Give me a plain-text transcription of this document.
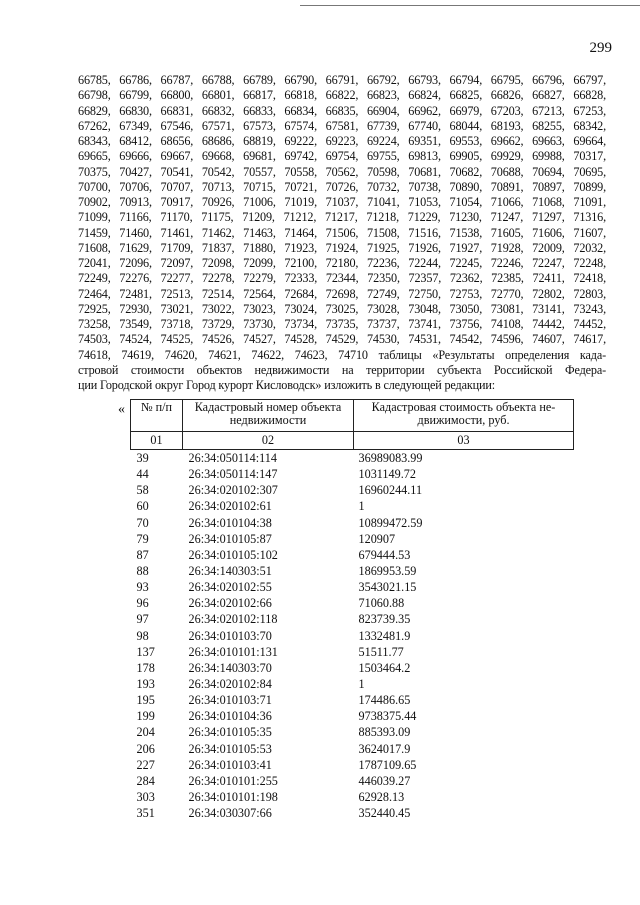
299
66785, 66786, 66787, 66788, 66789, 66790, 66791, 66792, 66793, 66794, 66795, 66796, 66797,
66798, 66799, 66800, 66801, 66817, 66818, 66822, 66823, 66824, 66825, 66826, 66827, 66828,
66829, 66830, 66831, 66832, 66833, 66834, 66835, 66904, 66962, 66979, 67203, 67213, 67253,
67262, 67349, 67546, 67571, 67573, 67574, 67581, 67739, 67740, 68044, 68193, 68255, 68342,
68343, 68412, 68656, 68686, 68819, 69222, 69223, 69224, 69351, 69553, 69662, 69663, 69664,
69665, 69666, 69667, 69668, 69681, 69742, 69754, 69755, 69813, 69905, 69929, 69988, 70317,
70375, 70427, 70541, 70542, 70557, 70558, 70562, 70598, 70681, 70682, 70688, 70694, 70695,
70700, 70706, 70707, 70713, 70715, 70721, 70726, 70732, 70738, 70890, 70891, 70897, 70899,
70902, 70913, 70917, 70926, 71006, 71019, 71037, 71041, 71053, 71054, 71066, 71068, 71091,
71099, 71166, 71170, 71175, 71209, 71212, 71217, 71218, 71229, 71230, 71247, 71297, 71316,
71459, 71460, 71461, 71462, 71463, 71464, 71506, 71508, 71516, 71538, 71605, 71606, 71607,
71608, 71629, 71709, 71837, 71880, 71923, 71924, 71925, 71926, 71927, 71928, 72009, 72032,
72041, 72096, 72097, 72098, 72099, 72100, 72180, 72236, 72244, 72245, 72246, 72247, 72248,
72249, 72276, 72277, 72278, 72279, 72333, 72344, 72350, 72357, 72362, 72385, 72411, 72418,
72464, 72481, 72513, 72514, 72564, 72684, 72698, 72749, 72750, 72753, 72770, 72802, 72803,
72925, 72930, 73021, 73022, 73023, 73024, 73025, 73028, 73048, 73050, 73081, 73141, 73243,
73258, 73549, 73718, 73729, 73730, 73734, 73735, 73737, 73741, 73756, 74108, 74442, 74452,
74503, 74524, 74525, 74526, 74527, 74528, 74529, 74530, 74531, 74542, 74596, 74607, 74617,
74618, 74619, 74620, 74621, 74622, 74623, 74710 таблицы «Результаты определения када-
стровой стоимости объектов недвижимости на территории субъекта Российской Федера-
ции Городской округ Город курорт Кисловодск» изложить в следующей редакции:
« № п/п	Кадастровый номер объекта недвижимости	Кадастровая стоимость объекта не- движимости, руб.
01	02	03
39	26:34:050114:114	36989083.99
44	26:34:050114:147	1031149.72
58	26:34:020102:307	16960244.11
60	26:34:020102:61	1
70	26:34:010104:38	10899472.59
79	26:34:010105:87	120907
87	26:34:010105:102	679444.53
88	26:34:140303:51	1869953.59
93	26:34:020102:55	3543021.15
96	26:34:020102:66	71060.88
97	26:34:020102:118	823739.35
98	26:34:010103:70	1332481.9
137	26:34:010101:131	51511.77
178	26:34:140303:70	1503464.2
193	26:34:020102:84	1
195	26:34:010103:71	174486.65
199	26:34:010104:36	9738375.44
204	26:34:010105:35	885393.09
206	26:34:010105:53	3624017.9
227	26:34:010103:41	1787109.65
284	26:34:010101:255	446039.27
303	26:34:010101:198	62928.13
351	26:34:030307:66	352440.45
